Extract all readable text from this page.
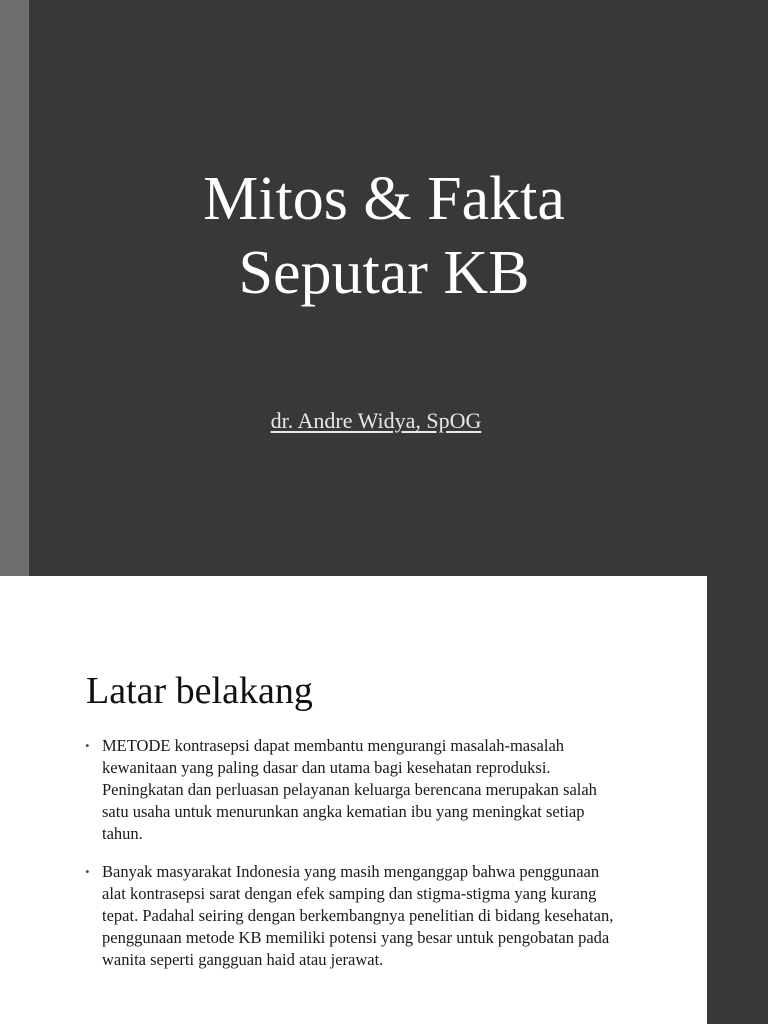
Mitos & Fakta
Seputar KB
dr. Andre Widya, SpOG
Latar belakang
• METODE kontrasepsi dapat membantu mengurangi masalah-masalah kewanitaan yang paling dasar dan utama bagi kesehatan reproduksi. Peningkatan dan perluasan pelayanan keluarga berencana merupakan salah satu usaha untuk menurunkan angka kematian ibu yang meningkat setiap tahun.
• Banyak masyarakat Indonesia yang masih menganggap bahwa penggunaan alat kontrasepsi sarat dengan efek samping dan stigma-stigma yang kurang tepat. Padahal seiring dengan berkembangnya penelitian di bidang kesehatan, penggunaan metode KB memiliki potensi yang besar untuk pengobatan pada wanita seperti gangguan haid atau jerawat.
